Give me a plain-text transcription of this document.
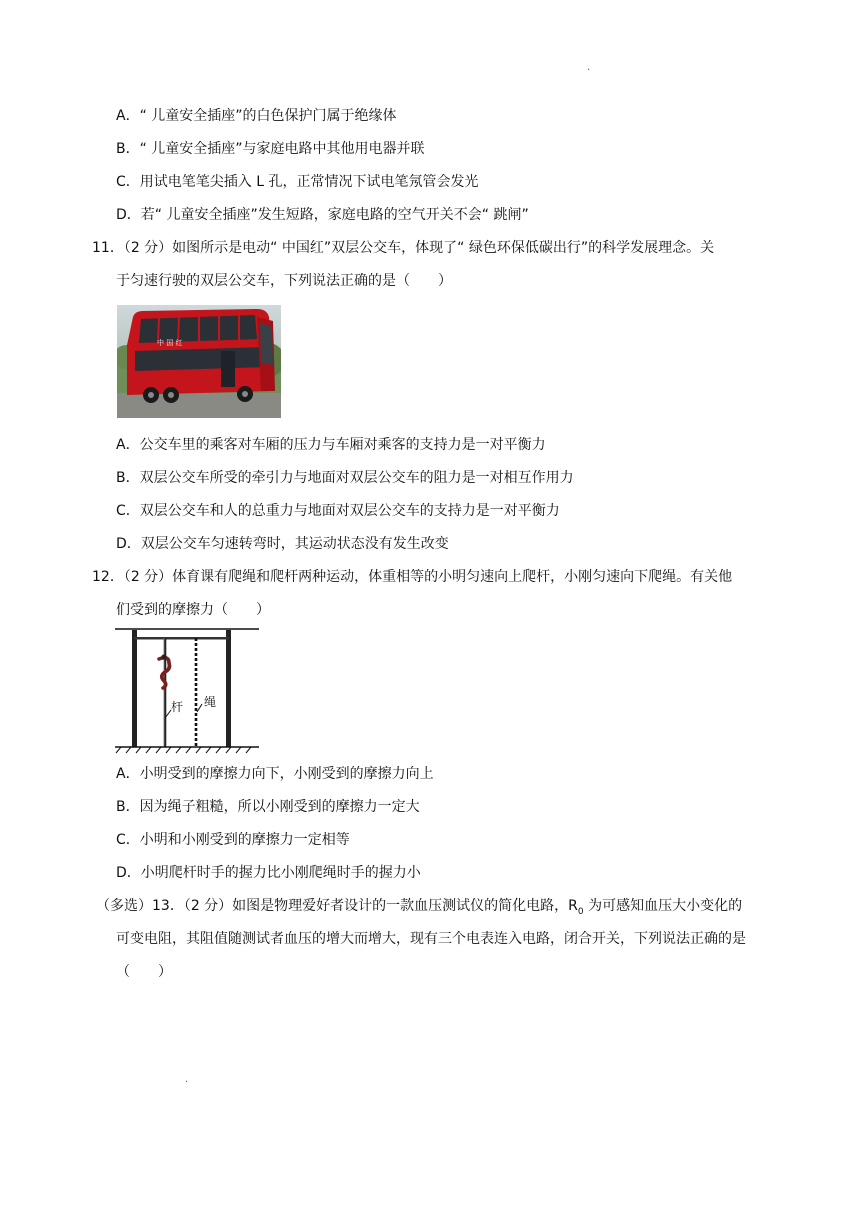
.
A．“ 儿童安全插座”的白色保护门属于绝缘体
B．“ 儿童安全插座”与家庭电路中其他用电器并联
C．用试电笔笔尖插入 L 孔，正常情况下试电笔氖管会发光
D．若“ 儿童安全插座”发生短路，家庭电路的空气开关不会“ 跳闸”
11．（2 分）如图所示是电动“ 中国红”双层公交车，体现了“ 绿色环保低碳出行”的科学发展理念。关
于匀速行驶的双层公交车，下列说法正确的是（　　）
中 国 红
A．公交车里的乘客对车厢的压力与车厢对乘客的支持力是一对平衡力
B．双层公交车所受的牵引力与地面对双层公交车的阻力是一对相互作用力
C．双层公交车和人的总重力与地面对双层公交车的支持力是一对平衡力
D．双层公交车匀速转弯时，其运动状态没有发生改变
12．（2 分）体育课有爬绳和爬杆两种运动，体重相等的小明匀速向上爬杆，小刚匀速向下爬绳。有关他
们受到的摩擦力（　　）
杆 绳
A．小明受到的摩擦力向下，小刚受到的摩擦力向上
B．因为绳子粗糙，所以小刚受到的摩擦力一定大
C．小明和小刚受到的摩擦力一定相等
D．小明爬杆时手的握力比小刚爬绳时手的握力小
（多选）13．（2 分）如图是物理爱好者设计的一款血压测试仪的简化电路，$R_0$ 为可感知血压大小变化的
可变电阻，其阻值随测试者血压的增大而增大，现有三个电表连入电路，闭合开关，下列说法正确的是
（　　）
.
